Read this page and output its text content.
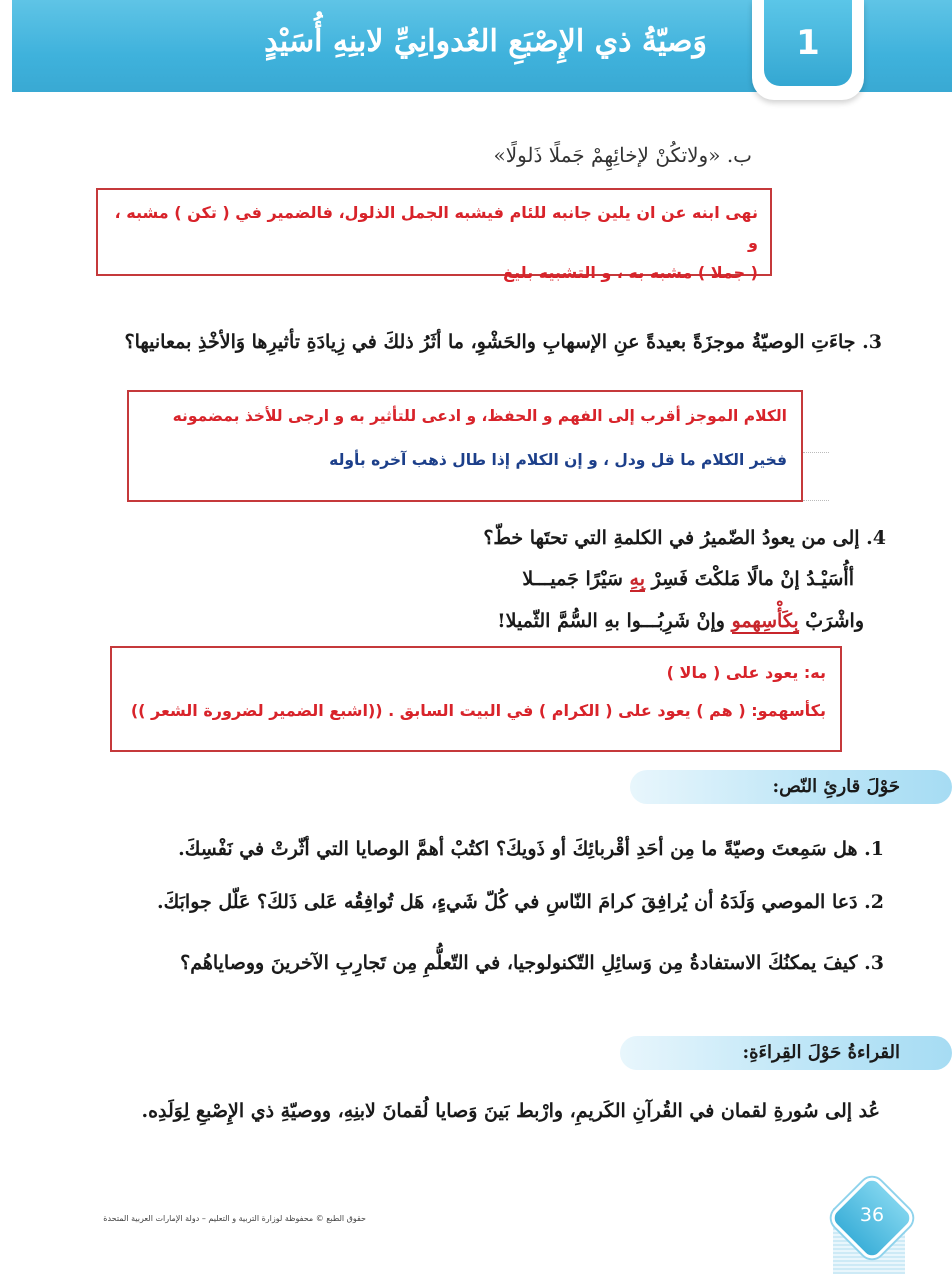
وَصيّةُ ذي الإِصْبَعِ العُدوانِيِّ لابنِهِ أُسَيْدٍ	1
ب. «ولاتكُنْ لإخائِهِمْ جَملًا ذَلولًا»

نهى ابنه عن ان يلين جانبه للئام فيشبه الجمل الذلول، فالضمير في ( تكن ) مشبه ، و

( جملا ) مشبه به ، و التشبيه بليغ

3. جاءَتِ الوصيّةُ موجزَةً بعيدةً عنِ الإسهابِ والحَشْوِ، ما أثَرُ ذلكَ في زِيادَةِ تأثيرِها وَالأخْذِ بمعانيها؟

الكلام الموجز أقرب إلى الفهم و الحفظ، و ادعى للتأثير به و ارجى للأخذ بمضمونه

فخير الكلام ما قل ودل ، و إن الكلام إذا طال ذهب آخره بأوله

4. إلى من يعودُ الضّميرُ في الكلمةِ التي تحتَها خطّ؟
أأُسَيْـدُ إنْ مالًا مَلكْتَ فَسِرْ بِهِ سَيْرًا جَميـــلا
واشْرَبْ بِكَأْسِهمو وإنْ شَرِبُـــوا بهِ السُّمَّ الثّميلا!

به: يعود على ( مالا )

بكأسهمو: ( هم ) يعود على ( الكرام ) في البيت السابق . ((اشبع الضمير لضرورة الشعر ))

حَوْلَ قارئِ النّص:
1. هل سَمِعتَ وصيّةً ما مِن أحَدِ أقْربائِكَ أو ذَويكَ؟ اكتُبْ أهمَّ الوصايا التي أثّرتْ في نَفْسِكَ.
2. دَعا الموصي وَلَدَهُ أن يُرافِقَ كرامَ النّاسِ في كُلّ شَيءٍ، هَل تُوافِقُه عَلى ذَلكَ؟ عَلّل جوابَكَ.
3. كيفَ يمكنُكَ الاستفادةُ مِن وَسائِلِ التّكنولوجيا، في التّعلُّمِ مِن تَجارِبِ الآخرينَ ووصاياهُم؟
القراءةُ حَوْلَ القِراءَةِ:
عُد إلى سُورةِ لقمان في القُرآنِ الكَريمِ، وارْبط بَينَ وَصايا لُقمانَ لابنِهِ، ووصيّةِ ذي الإِصْبعِ لِوَلَدِه.
حقوق الطبع © محفوظة لوزارة التربية و التعليم – دولة الإمارات العربية المتحدة	36
